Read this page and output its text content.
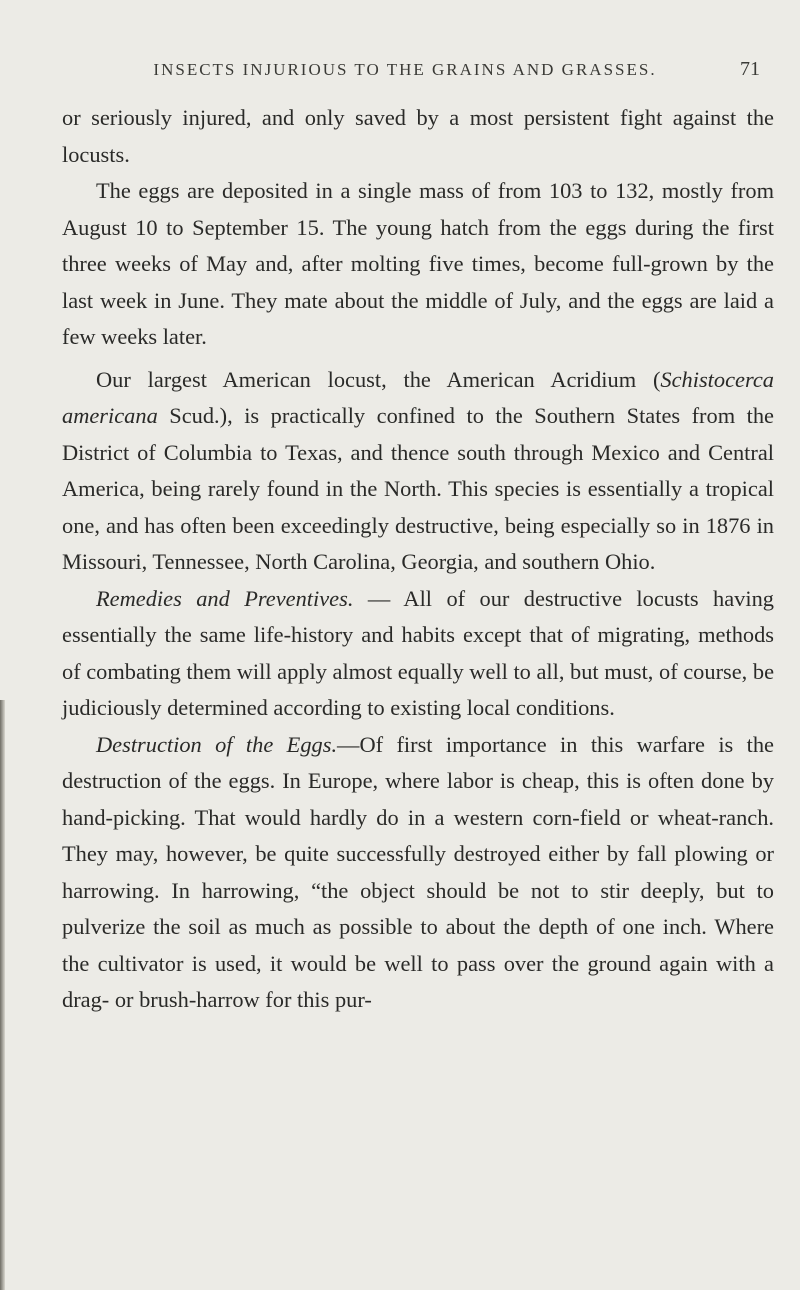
INSECTS INJURIOUS TO THE GRAINS AND GRASSES.	71

or seriously injured, and only saved by a most persistent fight against the locusts.

The eggs are deposited in a single mass of from 103 to 132, mostly from August 10 to September 15. The young hatch from the eggs during the first three weeks of May and, after molting five times, become full-grown by the last week in June. They mate about the middle of July, and the eggs are laid a few weeks later.

Our largest American locust, the American Acridium (Schistocerca americana Scud.), is practically confined to the Southern States from the District of Columbia to Texas, and thence south through Mexico and Central America, being rarely found in the North. This species is essentially a tropical one, and has often been exceedingly destructive, being especially so in 1876 in Missouri, Tennessee, North Carolina, Georgia, and southern Ohio.

Remedies and Preventives. — All of our destructive locusts having essentially the same life-history and habits except that of migrating, methods of combating them will apply almost equally well to all, but must, of course, be judiciously determined according to existing local conditions.

Destruction of the Eggs.—Of first importance in this warfare is the destruction of the eggs. In Europe, where labor is cheap, this is often done by hand-picking. That would hardly do in a western corn-field or wheat-ranch. They may, however, be quite successfully destroyed either by fall plowing or harrowing. In harrowing, “the object should be not to stir deeply, but to pulverize the soil as much as possible to about the depth of one inch. Where the cultivator is used, it would be well to pass over the ground again with a drag- or brush-harrow for this pur-
